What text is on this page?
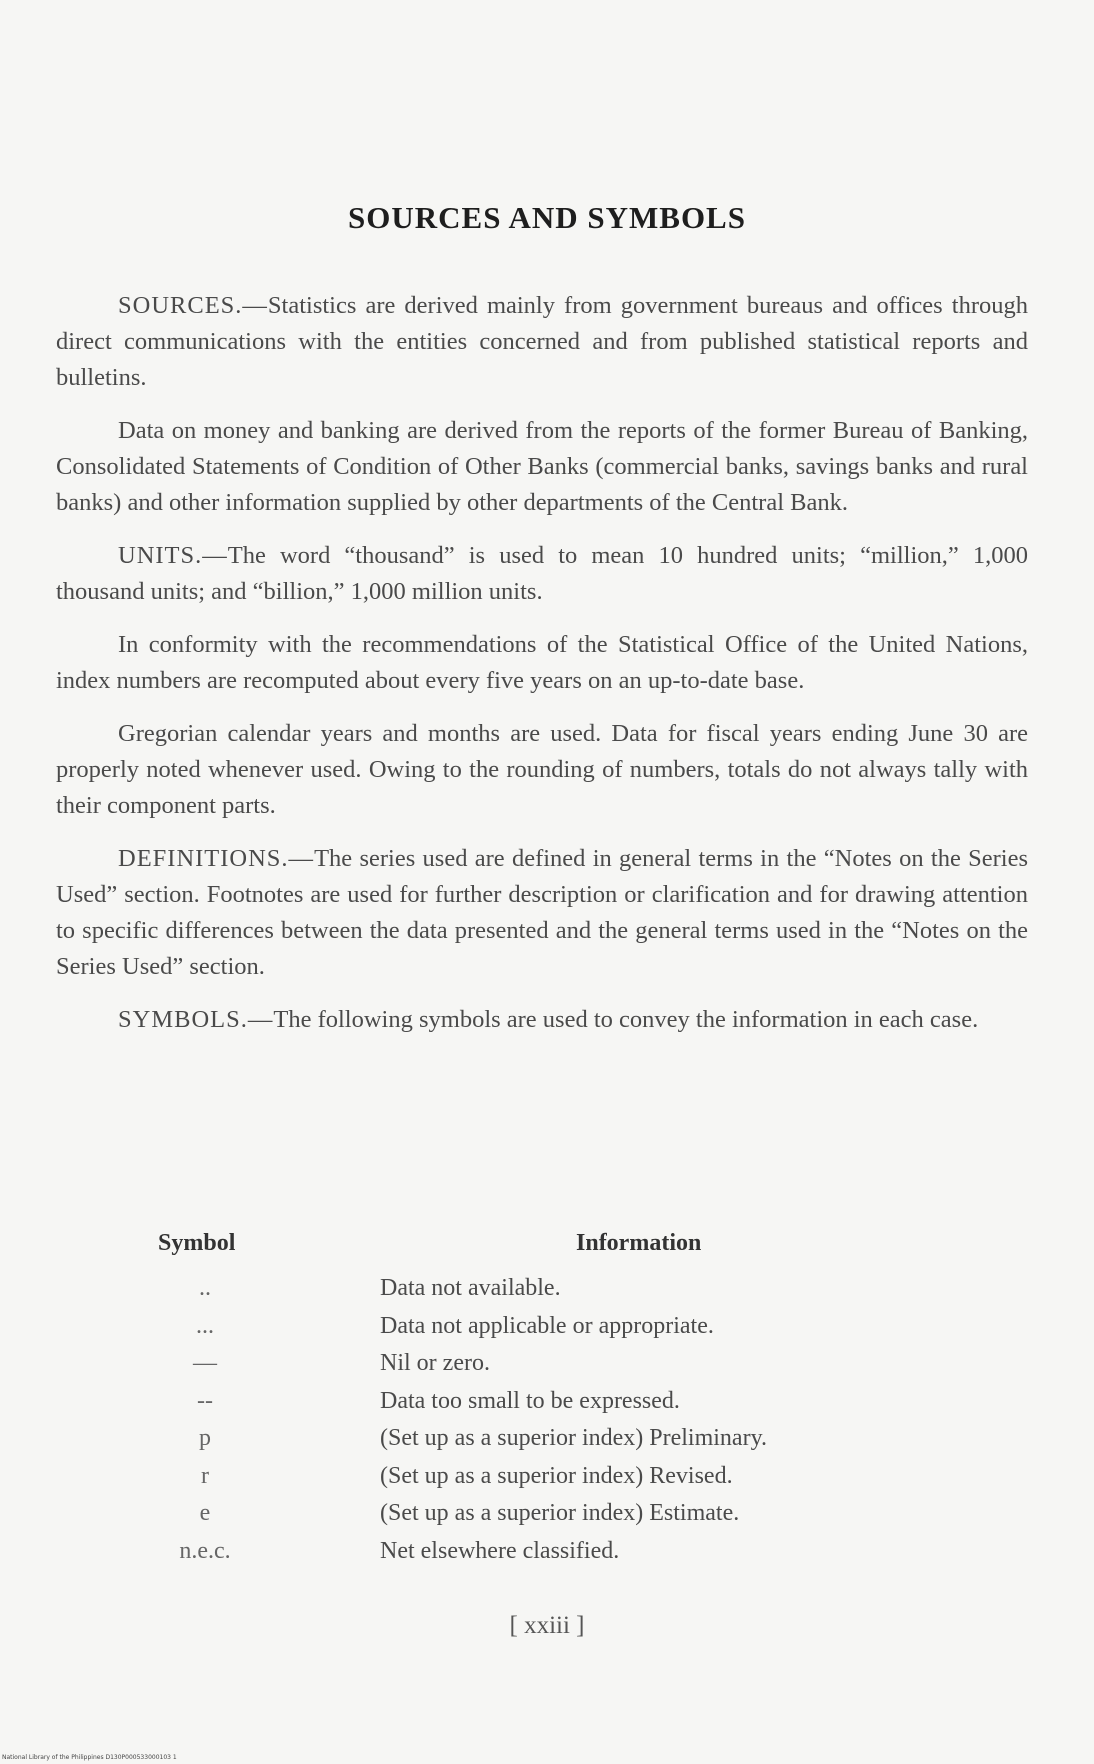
SOURCES AND SYMBOLS

SOURCES.—Statistics are derived mainly from government bureaus and offices through direct communications with the entities concerned and from published statistical reports and bulletins.

Data on money and banking are derived from the reports of the former Bureau of Banking, Consolidated Statements of Condition of Other Banks (commercial banks, savings banks and rural banks) and other information supplied by other departments of the Central Bank.

UNITS.—The word “thousand” is used to mean 10 hundred units; “million,” 1,000 thousand units; and “billion,” 1,000 million units.

In conformity with the recommendations of the Statistical Office of the United Nations, index numbers are recomputed about every five years on an up-to-date base.

Gregorian calendar years and months are used. Data for fiscal years ending June 30 are properly noted whenever used. Owing to the rounding of numbers, totals do not always tally with their component parts.

DEFINITIONS.—The series used are defined in general terms in the “Notes on the Series Used” section. Footnotes are used for further description or clarification and for drawing attention to specific differences between the data presented and the general terms used in the “Notes on the Series Used” section.

SYMBOLS.—The following symbols are used to convey the information in each case.

Symbol	Information
..	Data not available.
...	Data not applicable or appropriate.
—	Nil or zero.
--	Data too small to be expressed.
p	(Set up as a superior index) Preliminary.
r	(Set up as a superior index) Revised.
e	(Set up as a superior index) Estimate.
n.e.c.	Net elsewhere classified.
[ xxiii ]
National Library of the Philippines D130P000533000103 1
